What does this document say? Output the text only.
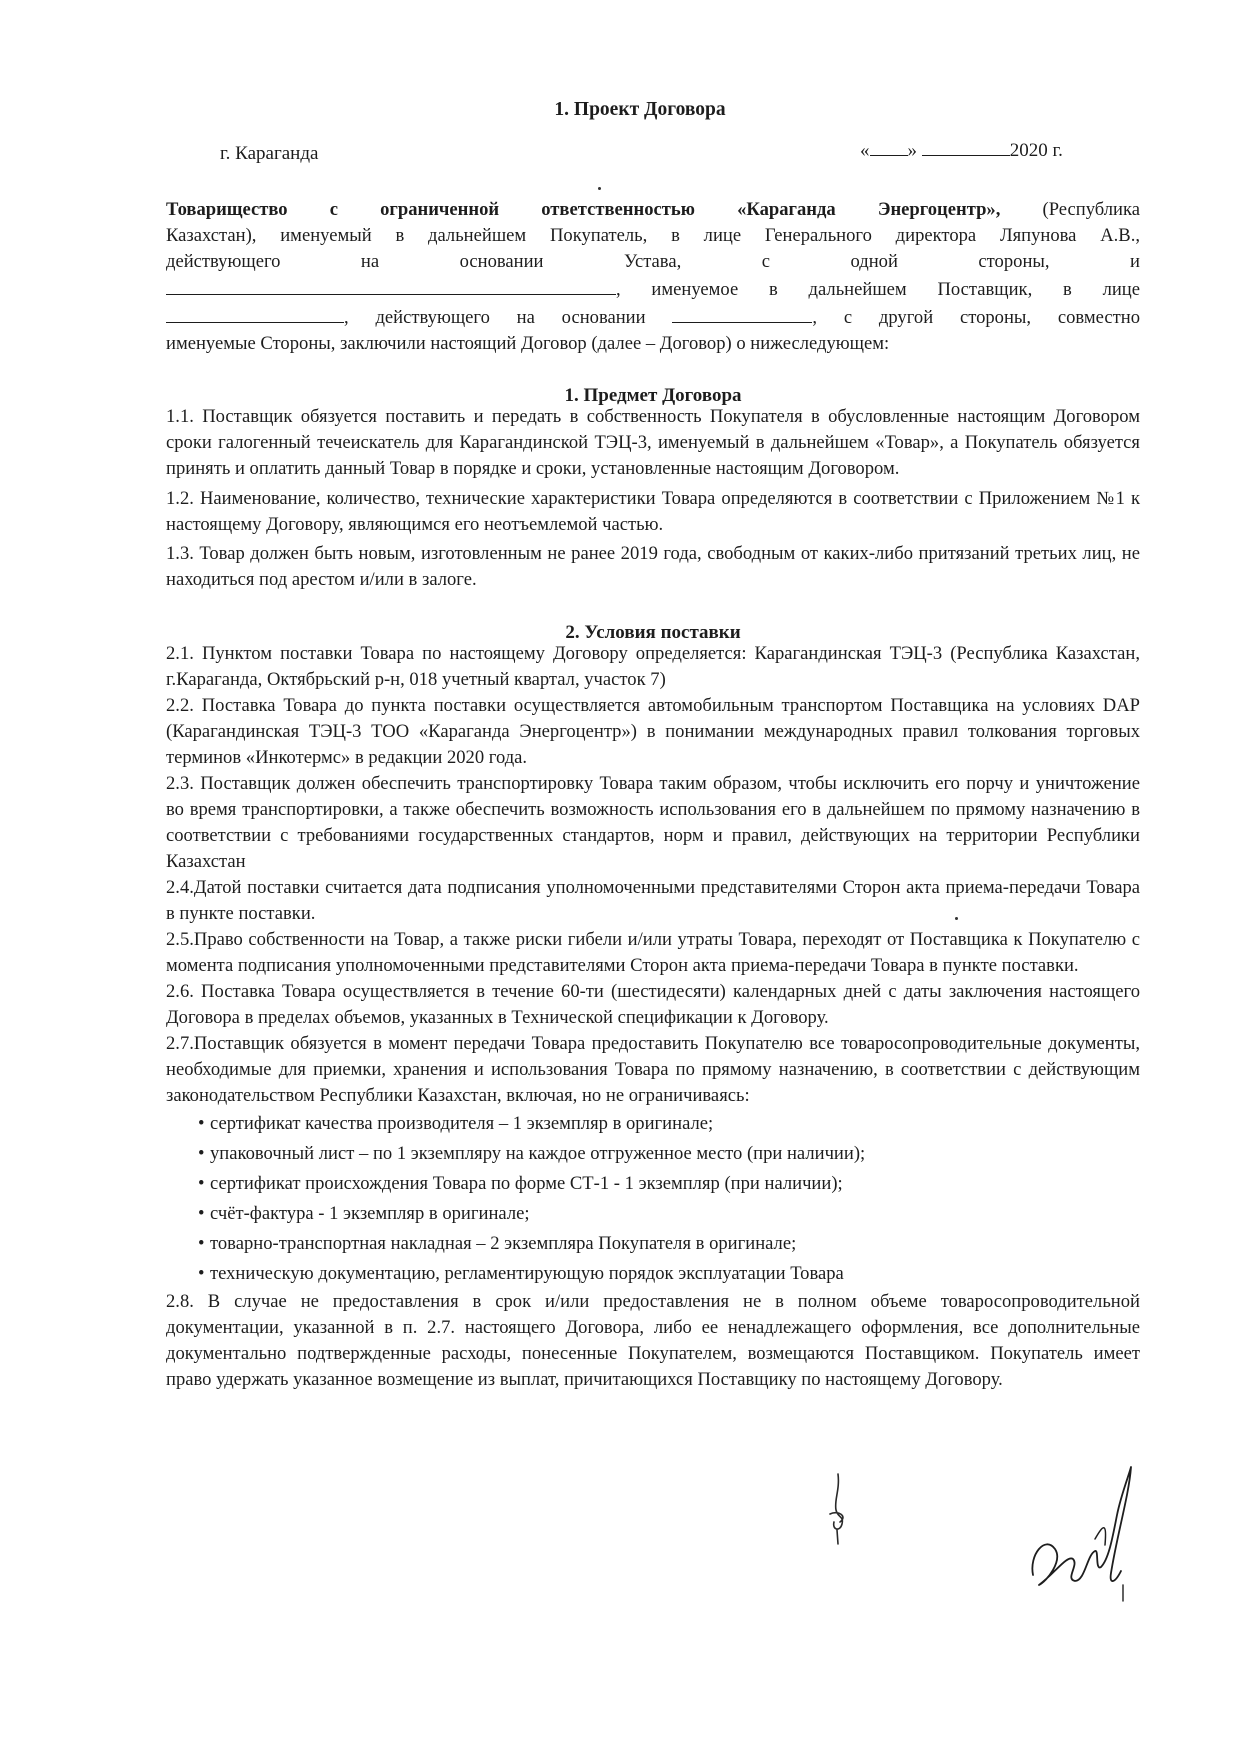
1. Проект Договора
г. Караганда	« »	2020 г.

Товарищество с ограниченной ответственностью «Караганда Энергоцентр», (Республика

Казахстан), именуемый в дальнейшем Покупатель, в лице Генерального директора Ляпунова А.В.,

действующего на основании Устава, с одной стороны, и

, именуемое в дальнейшем Поставщик, в лице

, действующего на основании	, с другой стороны, совместно

именуемые Стороны, заключили настоящий Договор (далее – Договор) о нижеследующем:

1. Предмет Договора

1.1. Поставщик обязуется поставить и передать в собственность Покупателя в обусловленные настоящим Договором сроки галогенный течеискатель для Карагандинской ТЭЦ-3, именуемый в дальнейшем «Товар», а Покупатель обязуется принять и оплатить данный Товар в порядке и сроки, установленные настоящим Договором.

1.2. Наименование, количество, технические характеристики Товара определяются в соответствии с Приложением №1 к настоящему Договору, являющимся его неотъемлемой частью.

1.3. Товар должен быть новым, изготовленным не ранее 2019 года, свободным от каких-либо притязаний третьих лиц, не находиться под арестом и/или в залоге.

2. Условия поставки

2.1. Пунктом поставки Товара по настоящему Договору определяется: Карагандинская ТЭЦ-3 (Республика Казахстан, г.Караганда, Октябрьский р-н, 018 учетный квартал, участок 7)

2.2. Поставка Товара до пункта поставки осуществляется автомобильным транспортом Поставщика на условиях DAP (Карагандинская ТЭЦ-3 ТОО «Караганда Энергоцентр») в понимании международных правил толкования торговых терминов «Инкотермс» в редакции 2020 года.

2.3. Поставщик должен обеспечить транспортировку Товара таким образом, чтобы исключить его порчу и уничтожение во время транспортировки, а также обеспечить возможность использования его в дальнейшем по прямому назначению в соответствии с требованиями государственных стандартов, норм и правил, действующих на территории Республики Казахстан

2.4.Датой поставки считается дата подписания уполномоченными представителями Сторон акта приема-передачи Товара в пункте поставки.

2.5.Право собственности на Товар, а также риски гибели и/или утраты Товара, переходят от Поставщика к Покупателю с момента подписания уполномоченными представителями Сторон акта приема-передачи Товара в пункте поставки.

2.6. Поставка Товара осуществляется в течение 60-ти (шестидесяти) календарных дней с даты заключения настоящего Договора в пределах объемов, указанных в Технической спецификации к Договору.

2.7.Поставщик обязуется в момент передачи Товара предоставить Покупателю все товаросопроводительные документы, необходимые для приемки, хранения и использования Товара по прямому назначению, в соответствии с действующим законодательством Республики Казахстан, включая, но не ограничиваясь:

• сертификат качества производителя – 1 экземпляр в оригинале;
• упаковочный лист – по 1 экземпляру на каждое отгруженное место (при наличии);
• сертификат происхождения Товара по форме СТ-1 - 1 экземпляр (при наличии);
• счёт-фактура - 1 экземпляр в оригинале;
• товарно-транспортная накладная – 2 экземпляра Покупателя в оригинале;
• техническую документацию, регламентирующую порядок эксплуатации Товара

2.8. В случае не предоставления в срок и/или предоставления не в полном объеме товаросопроводительной документации, указанной в п. 2.7. настоящего Договора, либо ее ненадлежащего оформления, все дополнительные документально подтвержденные расходы, понесенные Покупателем, возмещаются Поставщиком. Покупатель имеет право удержать указанное возмещение из выплат, причитающихся Поставщику по настоящему Договору.
